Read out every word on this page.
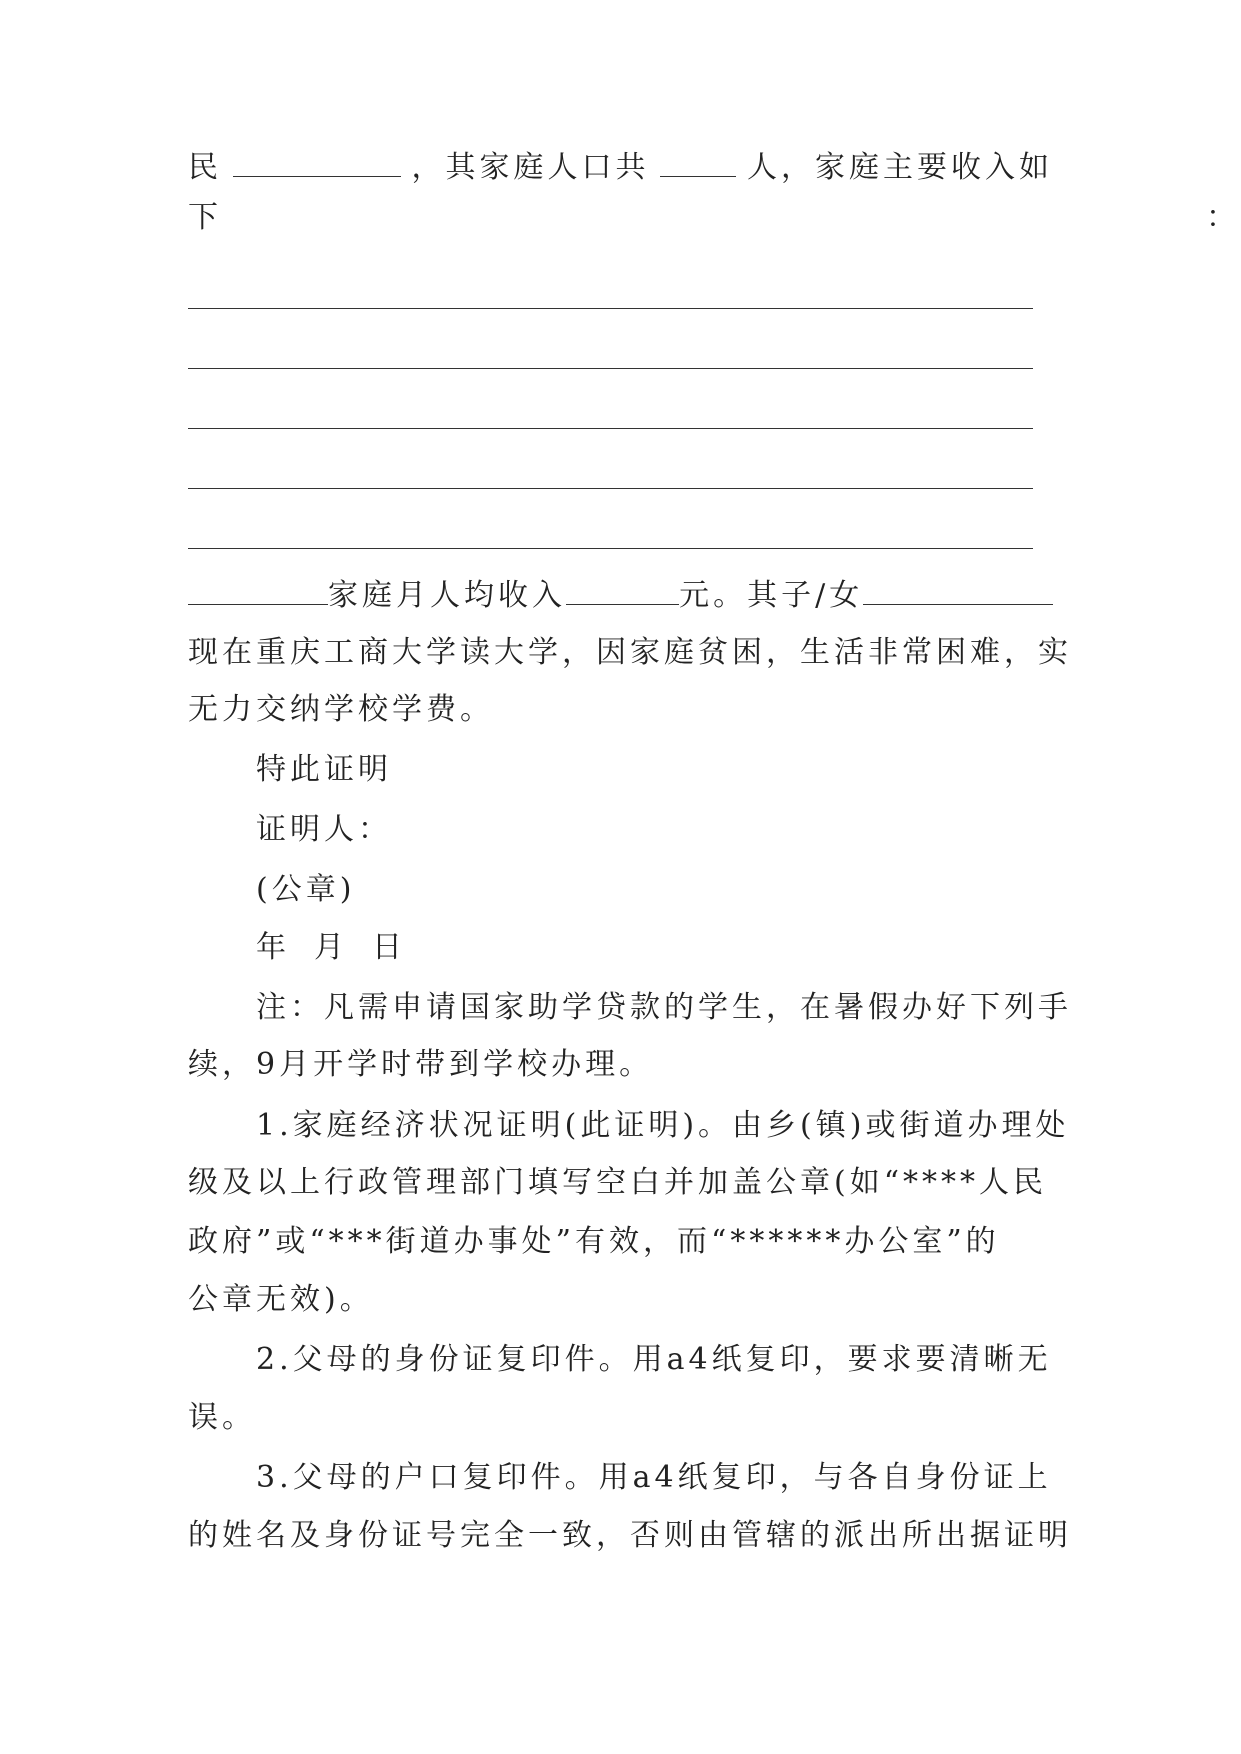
民	，其家庭人口共	人，家庭主要收入如
下	：
家庭月人均收入	元。其子/女
现在重庆工商大学读大学，因家庭贫困，生活非常困难，实
无力交纳学校学费。
特此证明
证明人：
(公章)
年 月 日
注：凡需申请国家助学贷款的学生，在暑假办好下列手
续，9月开学时带到学校办理。
1.家庭经济状况证明(此证明)。由乡(镇)或街道办理处
级及以上行政管理部门填写空白并加盖公章(如“****人民
政府”或“***街道办事处”有效，而“******办公室”的
公章无效)。
2.父母的身份证复印件。用a4纸复印，要求要清晰无
误。
3.父母的户口复印件。用a4纸复印，与各自身份证上
的姓名及身份证号完全一致，否则由管辖的派出所出据证明
